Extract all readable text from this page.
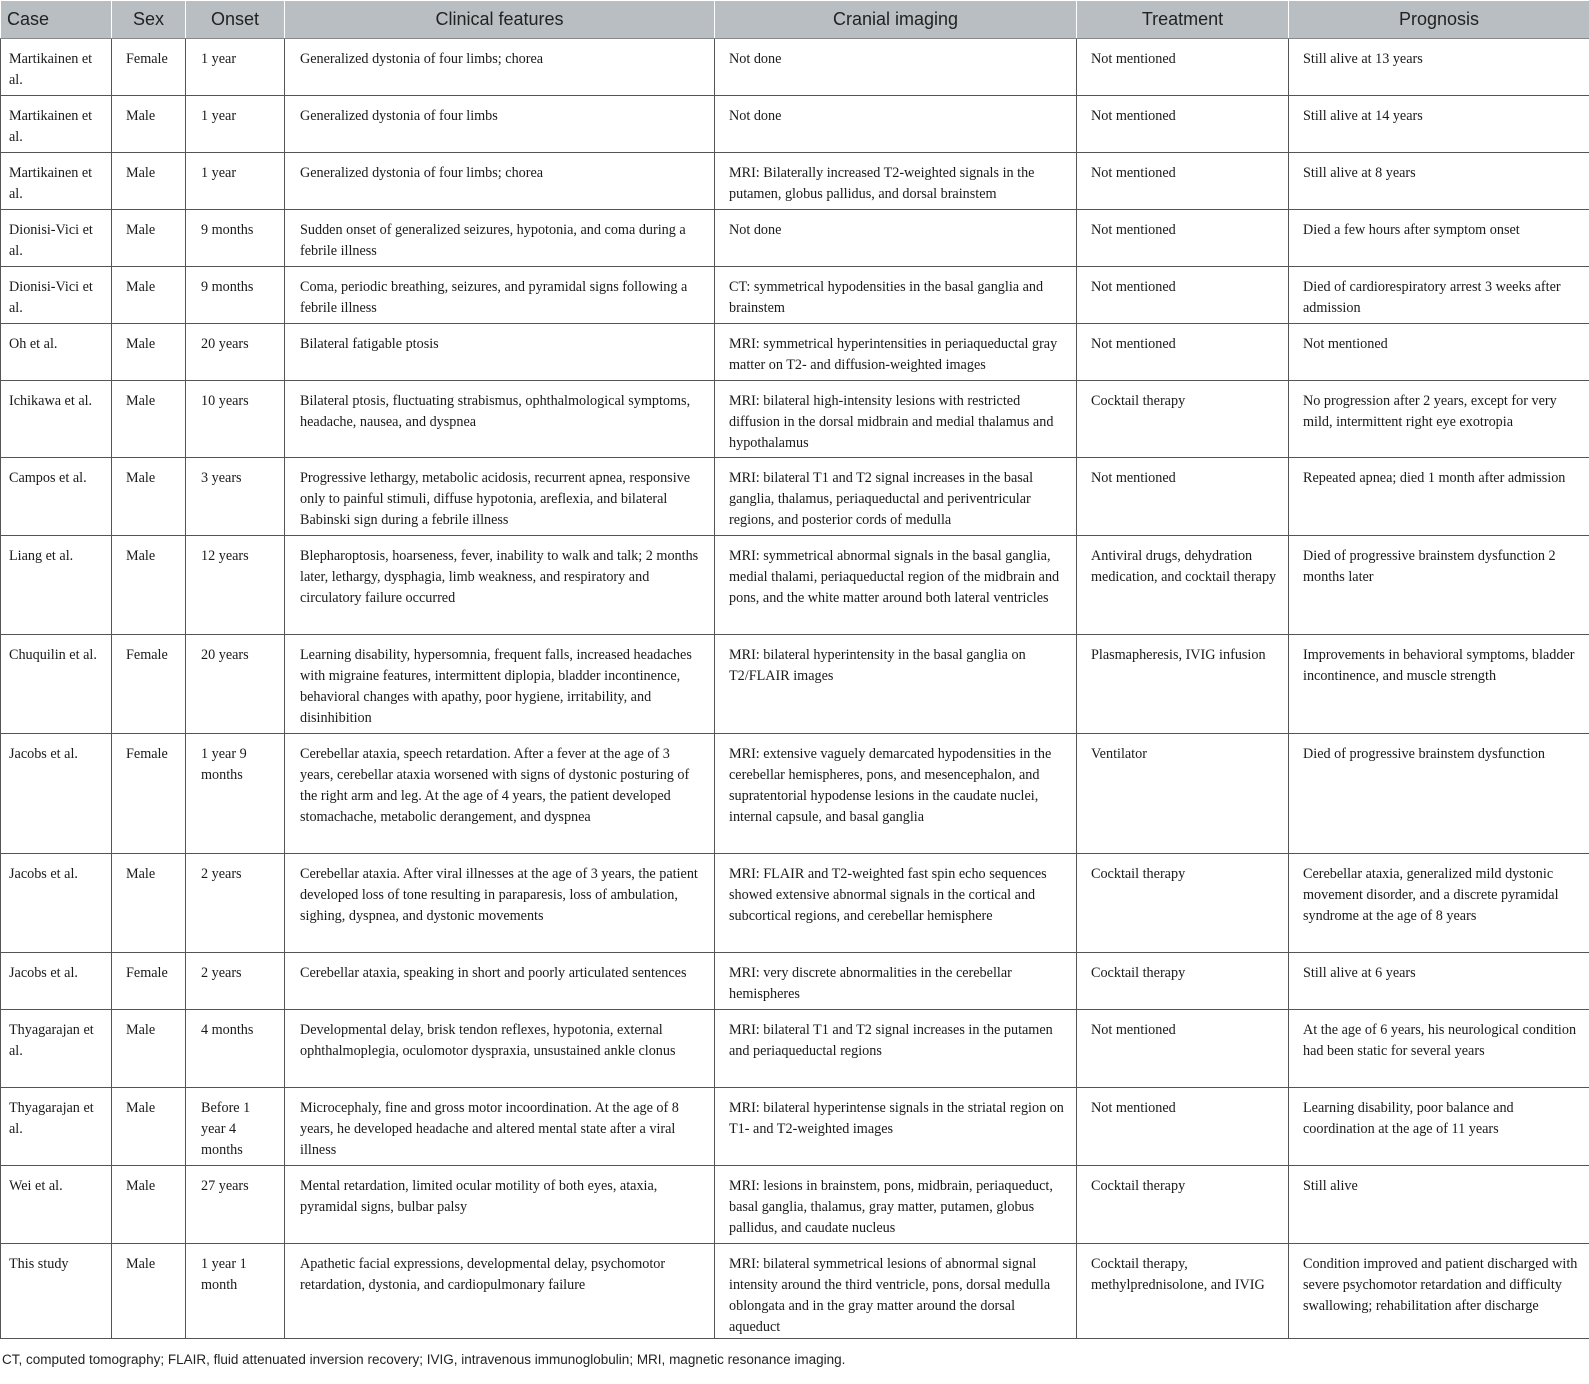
Case	Sex	Onset	Clinical features	Cranial imaging	Treatment	Prognosis
Martikainen et al.	Female	1 year	Generalized dystonia of four limbs; chorea	Not done	Not mentioned	Still alive at 13 years
Martikainen et al.	Male	1 year	Generalized dystonia of four limbs	Not done	Not mentioned	Still alive at 14 years
Martikainen et al.	Male	1 year	Generalized dystonia of four limbs; chorea	MRI: Bilaterally increased T2-weighted signals in the putamen, globus pallidus, and dorsal brainstem	Not mentioned	Still alive at 8 years
Dionisi-Vici et al.	Male	9 months	Sudden onset of generalized seizures, hypotonia, and coma during a febrile illness	Not done	Not mentioned	Died a few hours after symptom onset
Dionisi-Vici et al.	Male	9 months	Coma, periodic breathing, seizures, and pyramidal signs following a febrile illness	CT: symmetrical hypodensities in the basal ganglia and brainstem	Not mentioned	Died of cardiorespiratory arrest 3 weeks after admission
Oh et al.	Male	20 years	Bilateral fatigable ptosis	MRI: symmetrical hyperintensities in periaqueductal gray matter on T2- and diffusion-weighted images	Not mentioned	Not mentioned
Ichikawa et al.	Male	10 years	Bilateral ptosis, fluctuating strabismus, ophthalmological symptoms, headache, nausea, and dyspnea	MRI: bilateral high-intensity lesions with restricted diffusion in the dorsal midbrain and medial thalamus and hypothalamus	Cocktail therapy	No progression after 2 years, except for very mild, intermittent right eye exotropia
Campos et al.	Male	3 years	Progressive lethargy, metabolic acidosis, recurrent apnea, responsive only to painful stimuli, diffuse hypotonia, areflexia, and bilateral Babinski sign during a febrile illness	MRI: bilateral T1 and T2 signal increases in the basal ganglia, thalamus, periaqueductal and periventricular regions, and posterior cords of medulla	Not mentioned	Repeated apnea; died 1 month after admission
Liang et al.	Male	12 years	Blepharoptosis, hoarseness, fever, inability to walk and talk; 2 months later, lethargy, dysphagia, limb weakness, and respiratory and circulatory failure occurred	MRI: symmetrical abnormal signals in the basal ganglia, medial thalami, periaqueductal region of the midbrain and pons, and the white matter around both lateral ventricles	Antiviral drugs, dehydration medication, and cocktail therapy	Died of progressive brainstem dysfunction 2 months later
Chuquilin et al.	Female	20 years	Learning disability, hypersomnia, frequent falls, increased headaches with migraine features, intermittent diplopia, bladder incontinence, behavioral changes with apathy, poor hygiene, irritability, and disinhibition	MRI: bilateral hyperintensity in the basal ganglia on T2/FLAIR images	Plasmapheresis, IVIG infusion	Improvements in behavioral symptoms, bladder incontinence, and muscle strength
Jacobs et al.	Female	1 year 9 months	Cerebellar ataxia, speech retardation. After a fever at the age of 3 years, cerebellar ataxia worsened with signs of dystonic posturing of the right arm and leg. At the age of 4 years, the patient developed stomachache, metabolic derangement, and dyspnea	MRI: extensive vaguely demarcated hypodensities in the cerebellar hemispheres, pons, and mesencephalon, and supratentorial hypodense lesions in the caudate nuclei, internal capsule, and basal ganglia	Ventilator	Died of progressive brainstem dysfunction
Jacobs et al.	Male	2 years	Cerebellar ataxia. After viral illnesses at the age of 3 years, the patient developed loss of tone resulting in paraparesis, loss of ambulation, sighing, dyspnea, and dystonic movements	MRI: FLAIR and T2-weighted fast spin echo sequences showed extensive abnormal signals in the cortical and subcortical regions, and cerebellar hemisphere	Cocktail therapy	Cerebellar ataxia, generalized mild dystonic movement disorder, and a discrete pyramidal syndrome at the age of 8 years
Jacobs et al.	Female	2 years	Cerebellar ataxia, speaking in short and poorly articulated sentences	MRI: very discrete abnormalities in the cerebellar hemispheres	Cocktail therapy	Still alive at 6 years
Thyagarajan et al.	Male	4 months	Developmental delay, brisk tendon reflexes, hypotonia, external ophthalmoplegia, oculomotor dyspraxia, unsustained ankle clonus	MRI: bilateral T1 and T2 signal increases in the putamen and periaqueductal regions	Not mentioned	At the age of 6 years, his neurological condition had been static for several years
Thyagarajan et al.	Male	Before 1 year 4 months	Microcephaly, fine and gross motor incoordination. At the age of 8 years, he developed headache and altered mental state after a viral illness	MRI: bilateral hyperintense signals in the striatal region on T1- and T2-weighted images	Not mentioned	Learning disability, poor balance and coordination at the age of 11 years
Wei et al.	Male	27 years	Mental retardation, limited ocular motility of both eyes, ataxia, pyramidal signs, bulbar palsy	MRI: lesions in brainstem, pons, midbrain, periaqueduct, basal ganglia, thalamus, gray matter, putamen, globus pallidus, and caudate nucleus	Cocktail therapy	Still alive
This study	Male	1 year 1 month	Apathetic facial expressions, developmental delay, psychomotor retardation, dystonia, and cardiopulmonary failure	MRI: bilateral symmetrical lesions of abnormal signal intensity around the third ventricle, pons, dorsal medulla oblongata and in the gray matter around the dorsal aqueduct	Cocktail therapy, methylprednisolone, and IVIG	Condition improved and patient discharged with severe psychomotor retardation and difficulty swallowing; rehabilitation after discharge
CT, computed tomography; FLAIR, fluid attenuated inversion recovery; IVIG, intravenous immunoglobulin; MRI, magnetic resonance imaging.
